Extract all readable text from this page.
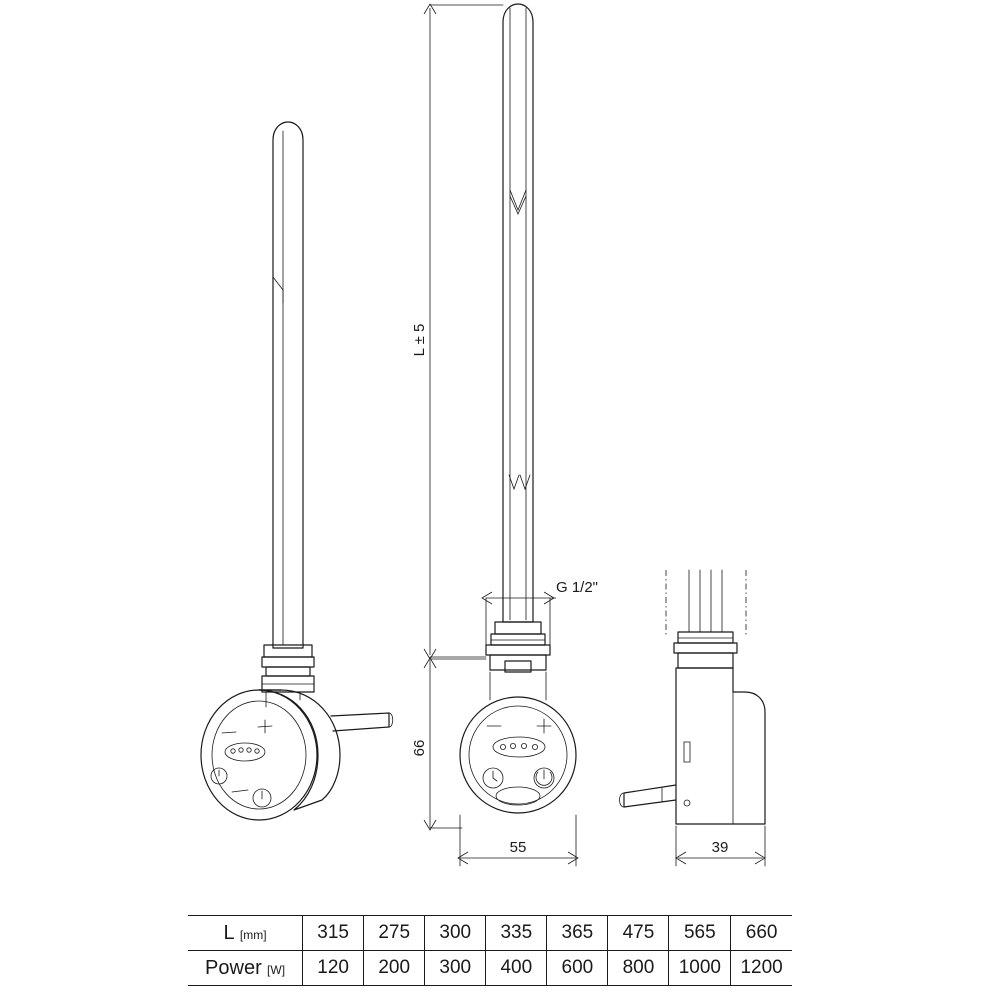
L ± 5
G 1/2"
66
55	39
L [mm]	315	275	300	335	365	475	565	660
Power [W]	120	200	300	400	600	800	1000	1200
